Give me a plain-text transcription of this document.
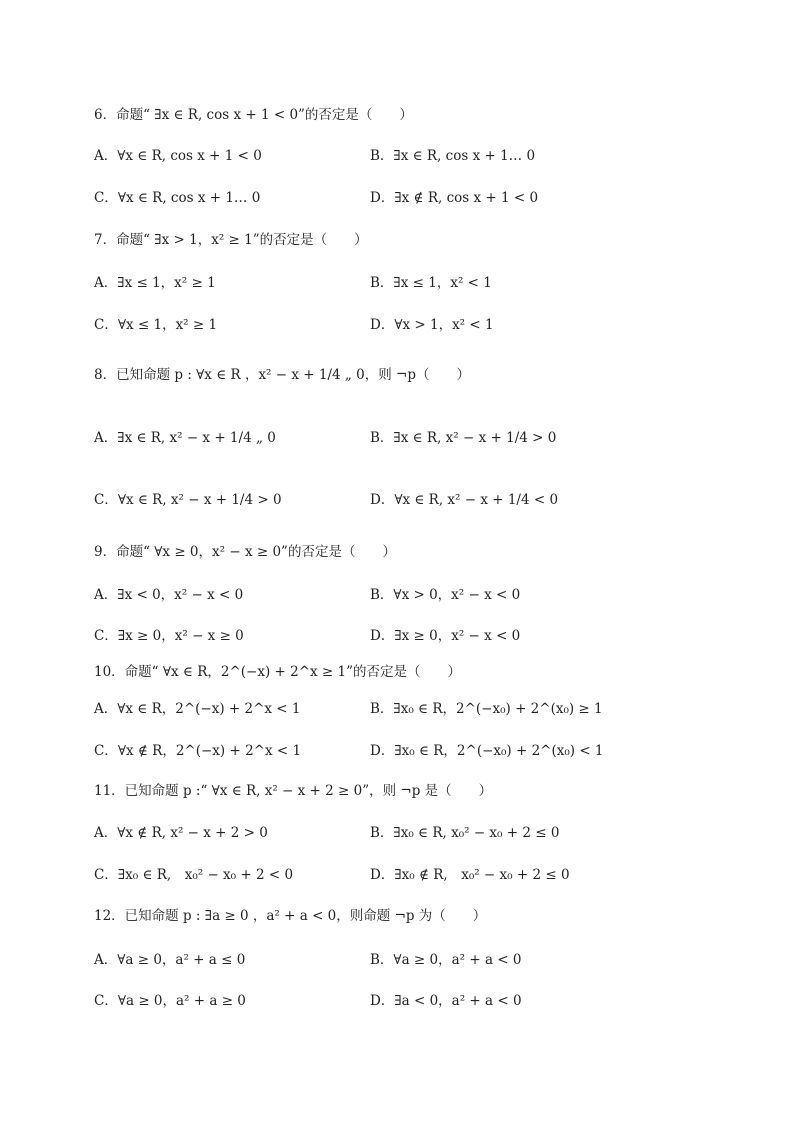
6．命题“ ∃x ∈ R, cos x + 1 < 0”的否定是（　　）
A．∀x ∈ R, cos x + 1 < 0	B．∃x ∈ R, cos x + 1… 0
C．∀x ∈ R, cos x + 1… 0	D．∃x ∉ R, cos x + 1 < 0
7．命题“ ∃x > 1，x² ≥ 1”的否定是（　　）
A．∃x ≤ 1，x² ≥ 1	B．∃x ≤ 1，x² < 1
C．∀x ≤ 1，x² ≥ 1	D．∀x > 1，x² < 1
8．已知命题 p : ∀x ∈ R ，x² − x + 1/4 „ 0，则 ¬p（　　）
A．∃x ∈ R, x² − x + 1/4 „ 0	B．∃x ∈ R, x² − x + 1/4 > 0
C．∀x ∈ R, x² − x + 1/4 > 0	D．∀x ∈ R, x² − x + 1/4 < 0
9．命题“ ∀x ≥ 0，x² − x ≥ 0”的否定是（　　）
A．∃x < 0，x² − x < 0	B．∀x > 0，x² − x < 0
C．∃x ≥ 0，x² − x ≥ 0	D．∃x ≥ 0，x² − x < 0
10．命题“ ∀x ∈ R，2^(−x) + 2^x ≥ 1”的否定是（　　）
A．∀x ∈ R，2^(−x) + 2^x < 1	B．∃x₀ ∈ R，2^(−x₀) + 2^(x₀) ≥ 1
C．∀x ∉ R，2^(−x) + 2^x < 1	D．∃x₀ ∈ R，2^(−x₀) + 2^(x₀) < 1
11．已知命题 p :“ ∀x ∈ R, x² − x + 2 ≥ 0”，则 ¬p 是（　　）
A．∀x ∉ R, x² − x + 2 > 0	B．∃x₀ ∈ R, x₀² − x₀ + 2 ≤ 0
C．∃x₀ ∈ R,　x₀² − x₀ + 2 < 0	D．∃x₀ ∉ R,　x₀² − x₀ + 2 ≤ 0
12．已知命题 p : ∃a ≥ 0 ，a² + a < 0，则命题 ¬p 为（　　）
A．∀a ≥ 0，a² + a ≤ 0	B．∀a ≥ 0，a² + a < 0
C．∀a ≥ 0，a² + a ≥ 0	D．∃a < 0，a² + a < 0
